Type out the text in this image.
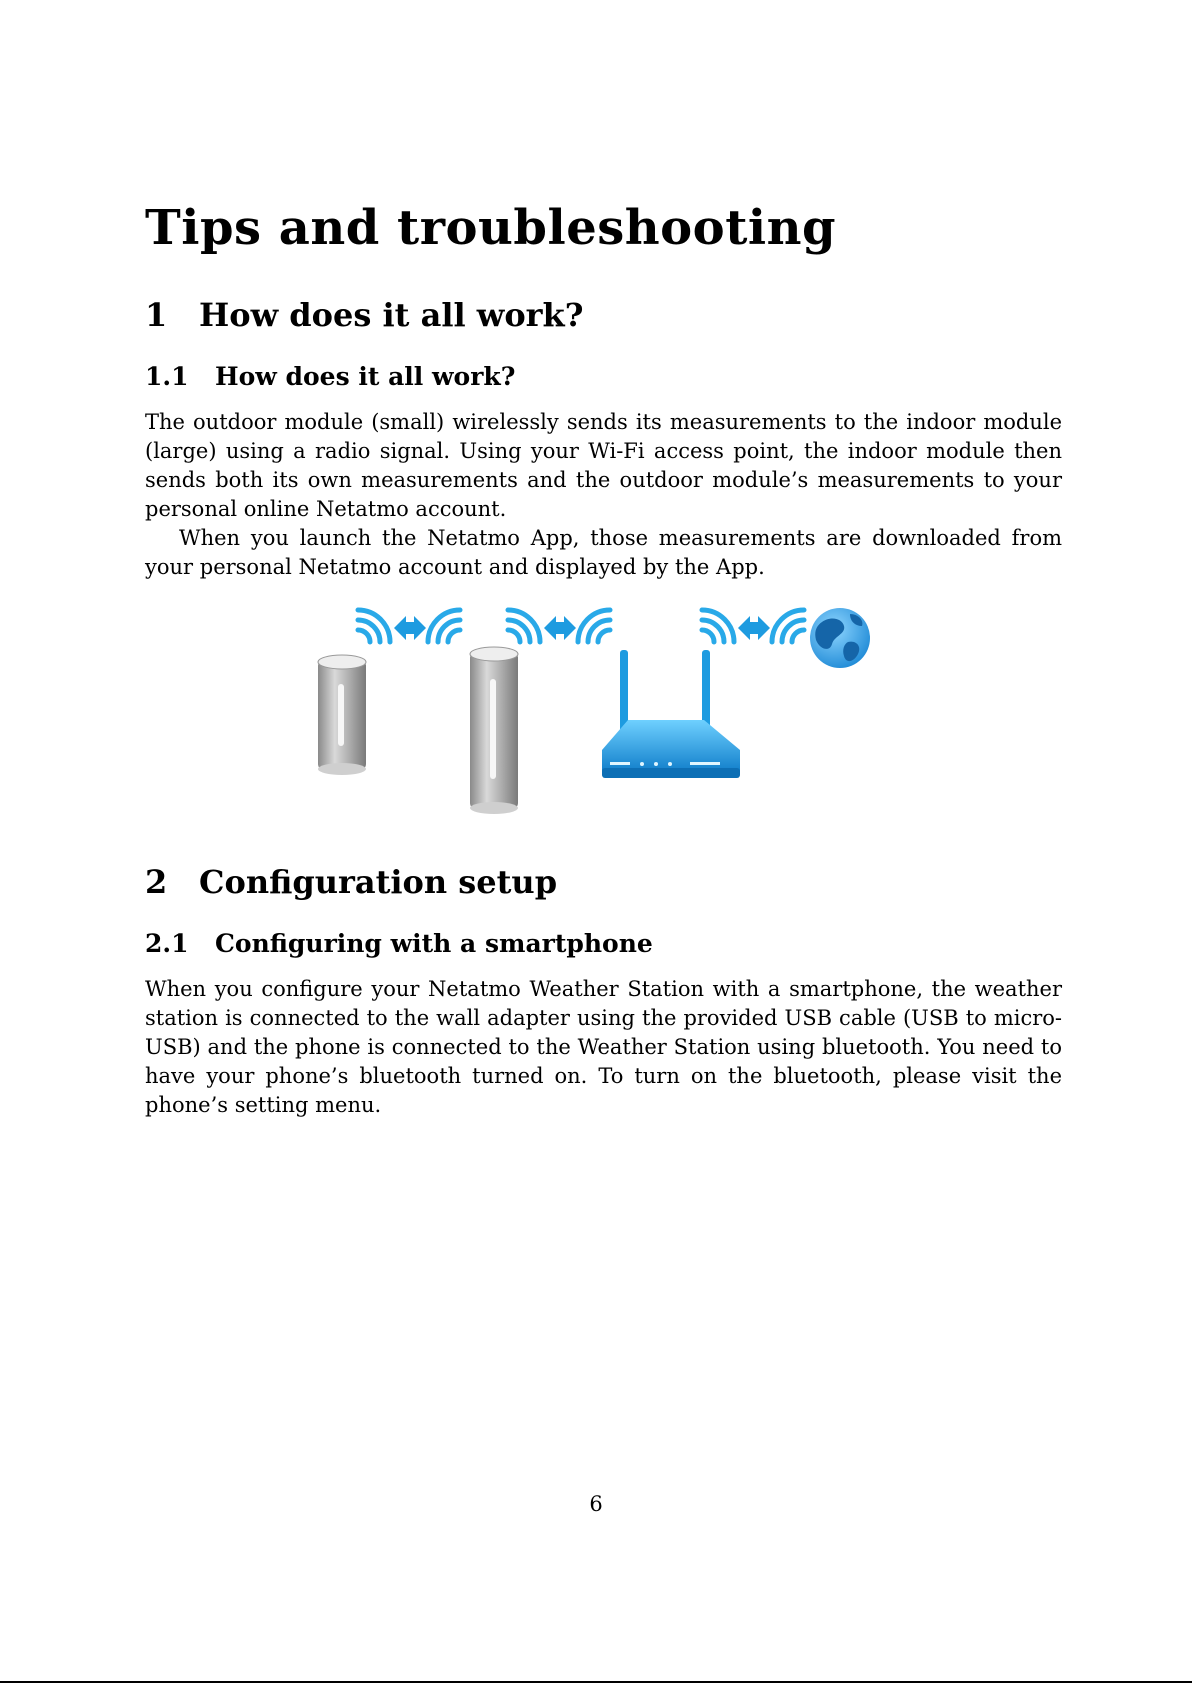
Tips and troubleshooting
1 How does it all work?
1.1 How does it all work?

The outdoor module (small) wirelessly sends its measurements to the indoor module (large) using a radio signal. Using your Wi-Fi access point, the indoor module then sends both its own measurements and the outdoor module’s measurements to your personal online Netatmo account.

When you launch the Netatmo App, those measurements are downloaded from your personal Netatmo account and displayed by the App.

2 Configuration setup
2.1 Configuring with a smartphone

When you configure your Netatmo Weather Station with a smartphone, the weather station is connected to the wall adapter using the provided USB cable (USB to micro-USB) and the phone is connected to the Weather Station using bluetooth. You need to have your phone’s bluetooth turned on. To turn on the bluetooth, please visit the phone’s setting menu.

6
